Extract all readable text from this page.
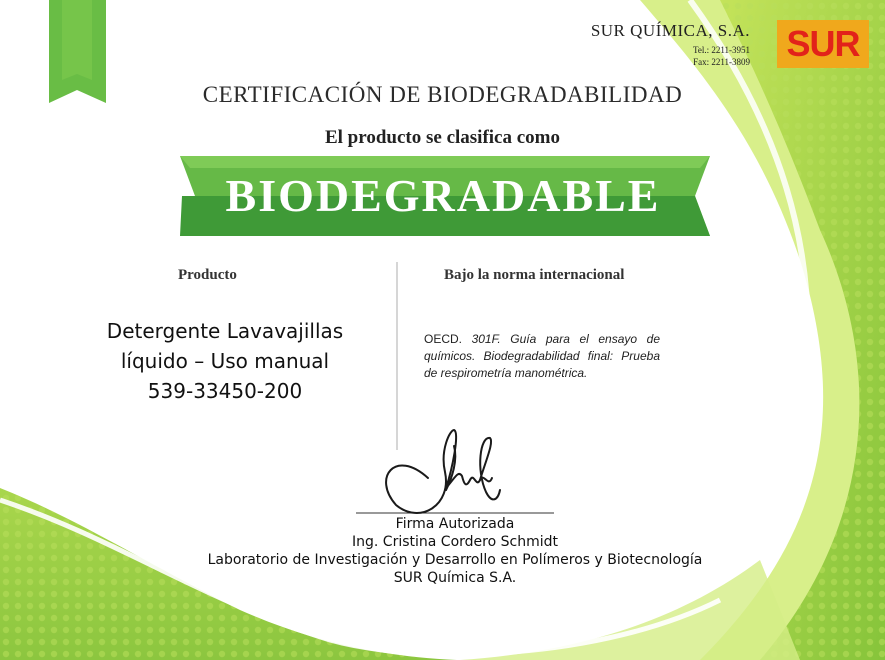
SUR QUÍMICA, S.A.
Tel.: 2211-3951
Fax: 2211-3809 SUR
CERTIFICACIÓN DE BIODEGRADABILIDAD
El producto se clasifica como
BIODEGRADABLE
Producto	Bajo la norma internacional
Detergente Lavavajillas
líquido – Uso manual
539-33450-200
OECD. 301F. Guía para el ensayo de químicos. Biodegradabilidad final: Prueba de respirometría manométrica.
Firma Autorizada
Ing. Cristina Cordero Schmidt
Laboratorio de Investigación y Desarrollo en Polímeros y Biotecnología
SUR Química S.A.
